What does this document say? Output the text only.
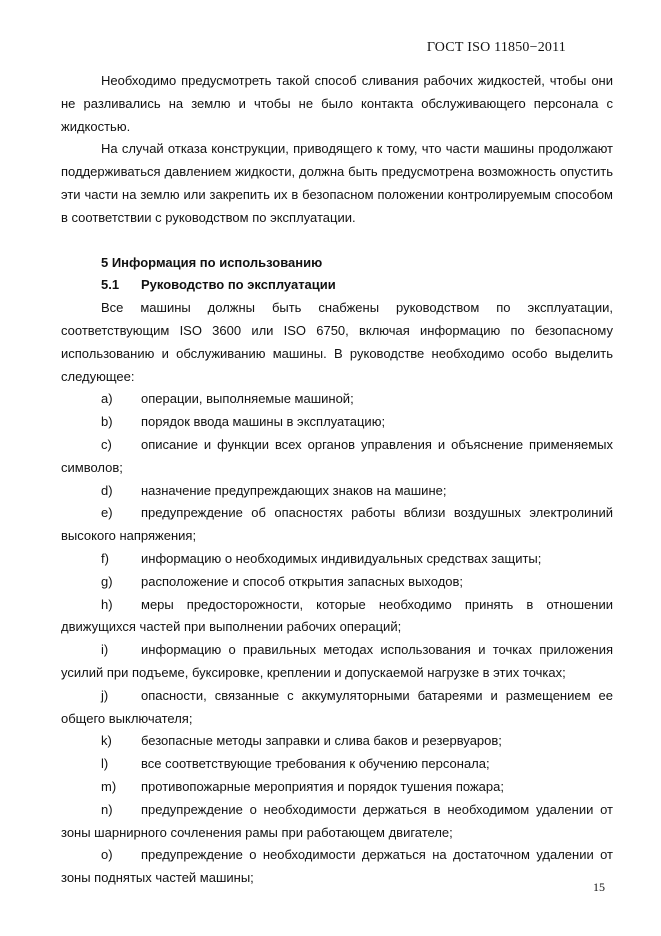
ГОСТ ISO 11850−2011

Необходимо предусмотреть такой способ сливания рабочих жидкостей, чтобы они не разливались на землю и чтобы не было контакта обслуживающего персонала с жидкостью.

На случай отказа конструкции, приводящего к тому, что части машины продолжают поддерживаться давлением жидкости, должна быть предусмотрена возможность опустить эти части на землю или закрепить их в безопасном положении контролируемым способом в соответствии с руководством по эксплуатации.

5 Информация по использованию
5.1	Руководство по эксплуатации

Все машины должны быть снабжены руководством по эксплуатации, соответствующим ISO 3600 или ISO 6750, включая информацию по безопасному использованию и обслуживанию машины. В руководстве необходимо особо выделить следующее:

a) операции, выполняемые машиной;

b) порядок ввода машины в эксплуатацию;

c) описание и функции всех органов управления и объяснение применяемых символов;

d) назначение предупреждающих знаков на машине;

e) предупреждение об опасностях работы вблизи воздушных электролиний высокого напряжения;

f) информацию о необходимых индивидуальных средствах защиты;

g) расположение и способ открытия запасных выходов;

h) меры предосторожности, которые необходимо принять в отношении движущихся частей при выполнении рабочих операций;

i)	информацию о правильных методах использования и точках приложения усилий при подъеме, буксировке, креплении и допускаемой нагрузке в этих точках;

j)	опасности, связанные с аккумуляторными батареями и размещением ее общего выключателя;

k) безопасные методы заправки и слива баков и резервуаров;

l)	все соответствующие требования к обучению персонала;

m) противопожарные мероприятия и порядок тушения пожара;

n) предупреждение о необходимости держаться в необходимом удалении от зоны шарнирного сочленения рамы при работающем двигателе;

o) предупреждение о необходимости держаться на достаточном удалении от зоны поднятых частей машины;

15
